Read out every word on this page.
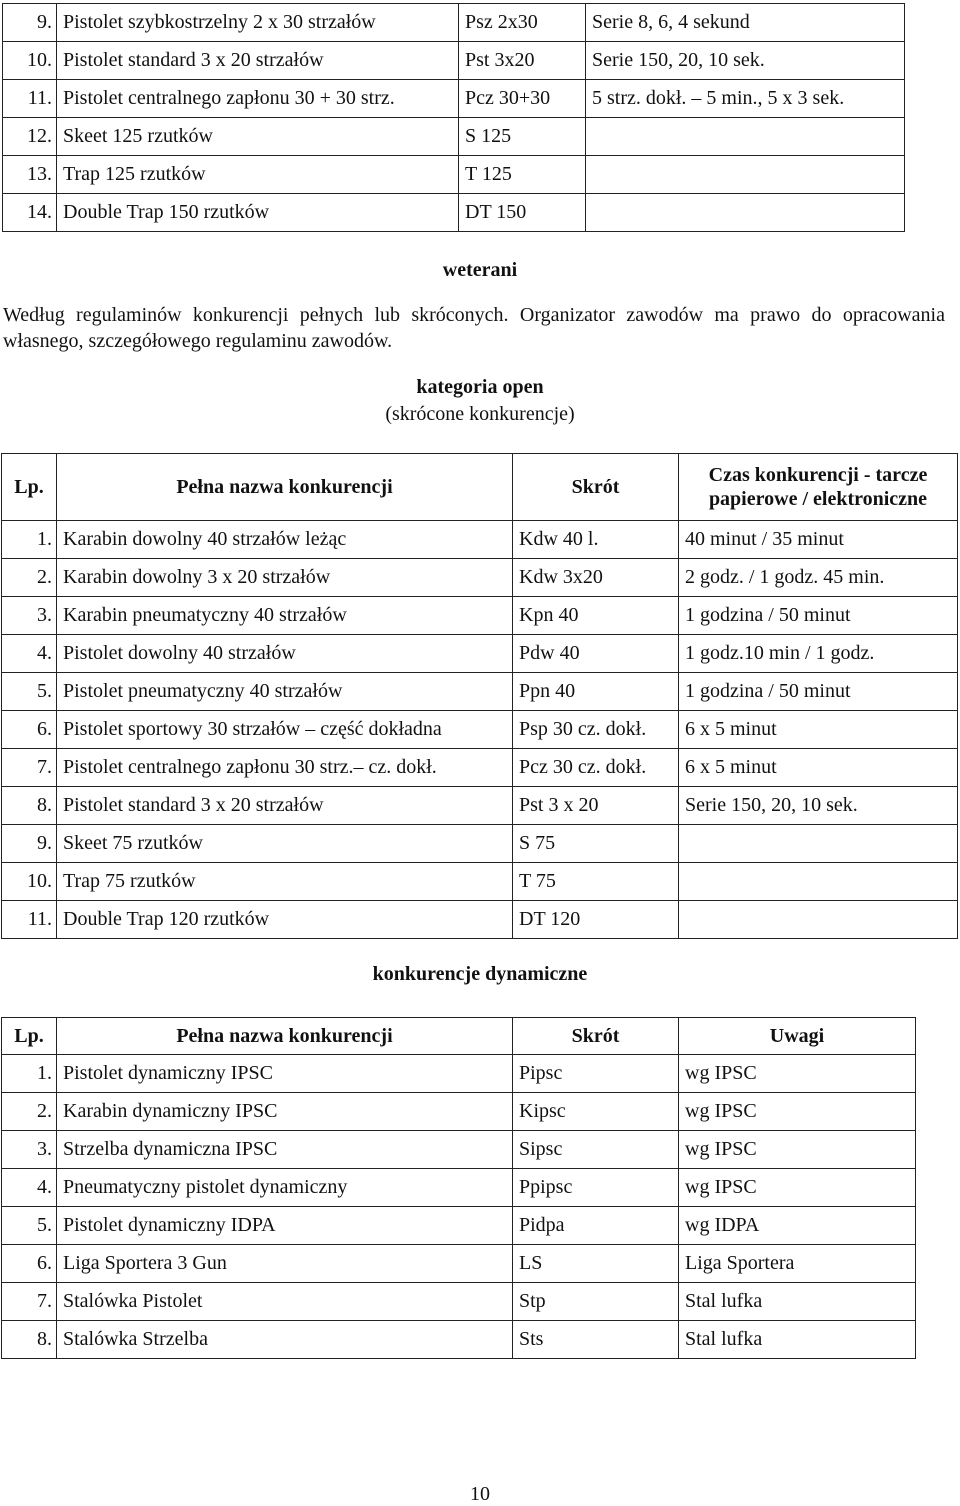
9.	Pistolet szybkostrzelny 2 x 30 strzałów	Psz 2x30	Serie 8, 6, 4 sekund
10.	Pistolet standard 3 x 20 strzałów	Pst 3x20	Serie 150, 20, 10 sek.
11.	Pistolet centralnego zapłonu 30 + 30 strz.	Pcz 30+30	5 strz. dokł. – 5 min., 5 x 3 sek.
12.	Skeet 125 rzutków	S 125	
13.	Trap 125 rzutków	T 125	
14.	Double Trap 150 rzutków	DT 150	
weterani
Według regulaminów konkurencji pełnych lub skróconych. Organizator zawodów ma prawo do opracowania własnego, szczegółowego regulaminu zawodów.
kategoria open
(skrócone konkurencje)
Lp.	Pełna nazwa konkurencji	Skrót	Czas konkurencji - tarcze papierowe / elektroniczne
1.	Karabin dowolny 40 strzałów leżąc	Kdw 40 l.	40 minut / 35 minut
2.	Karabin dowolny 3 x 20 strzałów	Kdw 3x20	2 godz. / 1 godz. 45 min.
3.	Karabin pneumatyczny 40 strzałów	Kpn 40	1 godzina / 50 minut
4.	Pistolet dowolny 40 strzałów	Pdw 40	1 godz.10 min / 1 godz.
5.	Pistolet pneumatyczny 40 strzałów	Ppn 40	1 godzina / 50 minut
6.	Pistolet sportowy 30 strzałów – część dokładna	Psp 30 cz. dokł.	6 x 5 minut
7.	Pistolet centralnego zapłonu 30 strz.– cz. dokł.	Pcz 30 cz. dokł.	6 x 5 minut
8.	Pistolet standard 3 x 20 strzałów	Pst 3 x 20	Serie 150, 20, 10 sek.
9.	Skeet 75 rzutków	S 75	
10.	Trap 75 rzutków	T 75	
11.	Double Trap 120 rzutków	DT 120	
konkurencje dynamiczne
Lp.	Pełna nazwa konkurencji	Skrót	Uwagi
1.	Pistolet dynamiczny IPSC	Pipsc	wg IPSC
2.	Karabin dynamiczny IPSC	Kipsc	wg IPSC
3.	Strzelba dynamiczna IPSC	Sipsc	wg IPSC
4.	Pneumatyczny pistolet dynamiczny	Ppipsc	wg IPSC
5.	Pistolet dynamiczny IDPA	Pidpa	wg IDPA
6.	Liga Sportera 3 Gun	LS	Liga Sportera
7.	Stalówka Pistolet	Stp	Stal lufka
8.	Stalówka Strzelba	Sts	Stal lufka
10
